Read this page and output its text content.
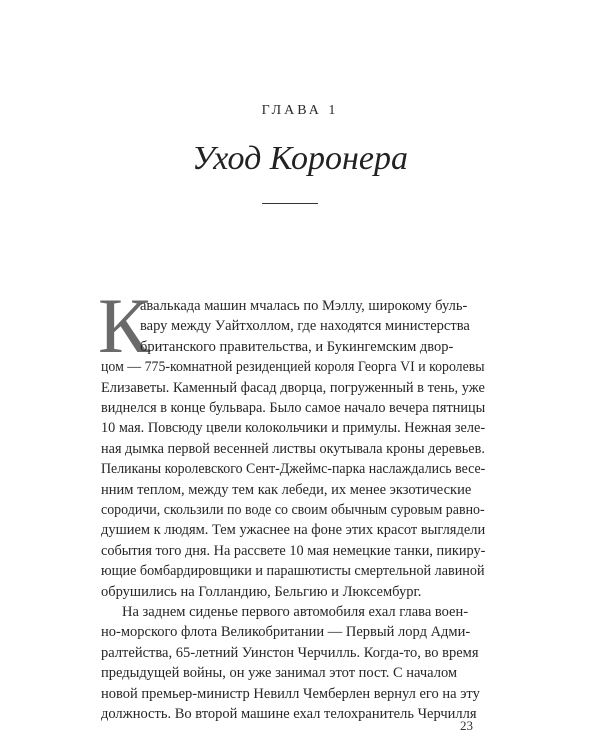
ГЛАВА 1
Уход Коронера
К
авалькада машин мчалась по Мэллу, широкому буль-
вару между Уайтхоллом, где находятся министерства
британского правительства, и Букингемским двор-
цом — 775-комнатной резиденцией короля Георга VI и королевы
Елизаветы. Каменный фасад дворца, погруженный в тень, уже
виднелся в конце бульвара. Было самое начало вечера пятницы
10 мая. Повсюду цвели колокольчики и примулы. Нежная зеле-
ная дымка первой весенней листвы окутывала кроны деревьев.
Пеликаны королевского Сент-Джеймс-парка наслаждались весе-
нним теплом, между тем как лебеди, их менее экзотические
сородичи, скользили по воде со своим обычным суровым равно-
душием к людям. Тем ужаснее на фоне этих красот выглядели
события того дня. На рассвете 10 мая немецкие танки, пикиру-
ющие бомбардировщики и парашютисты смертельной лавиной
обрушились на Голландию, Бельгию и Люксембург.
На заднем сиденье первого автомобиля ехал глава воен-
но-морского флота Великобритании — Первый лорд Адми-
ралтейства, 65-летний Уинстон Черчилль. Когда-то, во время
предыдущей войны, он уже занимал этот пост. С началом
новой премьер-министр Невилл Чемберлен вернул его на эту
должность. Во второй машине ехал телохранитель Черчилля
23
